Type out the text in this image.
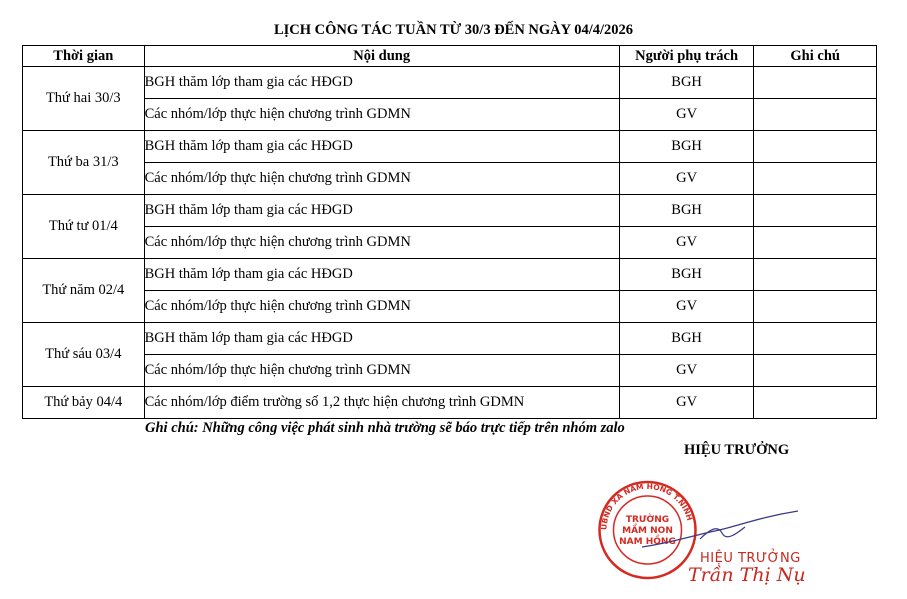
LỊCH CÔNG TÁC TUẦN TỪ 30/3 ĐẾN NGÀY 04/4/2026
Thời gian	Nội dung	Người phụ trách	Ghi chú
Thứ hai 30/3	BGH thăm lớp tham gia các HĐGD	BGH	
	Các nhóm/lớp thực hiện chương trình GDMN	GV	
Thứ ba 31/3	BGH thăm lớp tham gia các HĐGD	BGH	
	Các nhóm/lớp thực hiện chương trình GDMN	GV	
Thứ tư 01/4	BGH thăm lớp tham gia các HĐGD	BGH	
	Các nhóm/lớp thực hiện chương trình GDMN	GV	
Thứ năm 02/4	BGH thăm lớp tham gia các HĐGD	BGH	
	Các nhóm/lớp thực hiện chương trình GDMN	GV	
Thứ sáu 03/4	BGH thăm lớp tham gia các HĐGD	BGH	
	Các nhóm/lớp thực hiện chương trình GDMN	GV	
Thứ bảy 04/4	Các nhóm/lớp điểm trường số 1,2 thực hiện chương trình GDMN	GV	
Ghi chú: Những công việc phát sinh nhà trường sẽ báo trực tiếp trên nhóm zalo
HIỆU TRƯỞNG
UBND XÃ NAM HỒNG T.NINH
TRƯỜNG
MẦM NON
NAM HỒNG
HIỆU TRƯỞNG
Trần Thị Nụ
